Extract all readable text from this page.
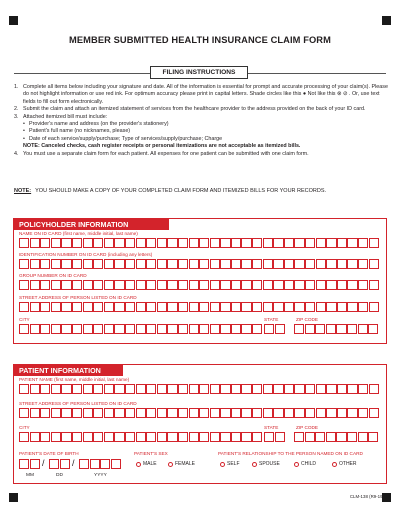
MEMBER SUBMITTED HEALTH INSURANCE CLAIM FORM
FILING INSTRUCTIONS
1. Complete all items below including your signature and date. All of the information is essential for prompt and accurate processing of your claim(s). Please do not highlight information or use red ink. For optimum accuracy please print in capital letters. Shade circles like this ● Not like this ⊗ ⊘ . Or, use text fields to fill out form electronically.
2. Submit the claim and attach an itemized statement of services from the healthcare provider to the address provided on the back of your ID card.
3. Attached itemized bill must include:
• Provider's name and address (on the provider's stationery)
• Patient's full name (no nicknames, please)
• Date of each service/supply/purchase; Type of services/supply/purchase; Charge
NOTE: Canceled checks, cash register receipts or personal itemizations are not acceptable as itemized bills.
4. You must use a separate claim form for each patient. All expenses for one patient can be submitted with one claim form.
NOTE: YOU SHOULD MAKE A COPY OF YOUR COMPLETED CLAIM FORM AND ITEMIZED BILLS FOR YOUR RECORDS.
POLICYHOLDER INFORMATION
NAME ON ID CARD (first name, middle initial, last name)
IDENTIFICATION NUMBER ON ID CARD (including any letters)
GROUP NUMBER ON ID CARD
STREET ADDRESS OF PERSON LISTED ON ID CARD
CITY	STATE	ZIP CODE
PATIENT INFORMATION
PATIENT NAME (first name, middle initial, last name)
STREET ADDRESS OF PERSON LISTED ON ID CARD
CITY	STATE	ZIP CODE
PATIENT'S DATE OF BIRTH
/	/
MM	DD	YYYY
PATIENT'S SEX
MALE	FEMALE
PATIENT'S RELATIONSHIP TO THE PERSON NAMED ON ID CARD
SELF	SPOUSE	CHILD	OTHER
CLM-138 (R9-19)
